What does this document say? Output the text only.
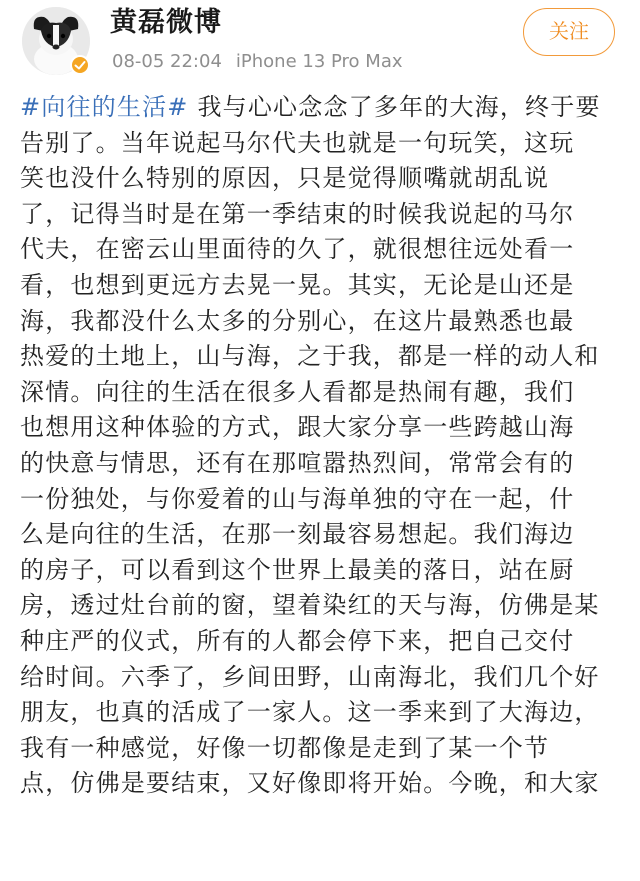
黄磊微博
08-05 22:04 iPhone 13 Pro Max
关注
#向往的生活# 我与心心念念了多年的大海，终于要
告别了。当年说起马尔代夫也就是一句玩笑，这玩
笑也没什么特别的原因，只是觉得顺嘴就胡乱说
了，记得当时是在第一季结束的时候我说起的马尔
代夫，在密云山里面待的久了，就很想往远处看一
看，也想到更远方去晃一晃。其实，无论是山还是
海，我都没什么太多的分别心，在这片最熟悉也最
热爱的土地上，山与海，之于我，都是一样的动人和
深情。向往的生活在很多人看都是热闹有趣，我们
也想用这种体验的方式，跟大家分享一些跨越山海
的快意与情思，还有在那喧嚣热烈间，常常会有的
一份独处，与你爱着的山与海单独的守在一起，什
么是向往的生活，在那一刻最容易想起。我们海边
的房子，可以看到这个世界上最美的落日，站在厨
房，透过灶台前的窗，望着染红的天与海，仿佛是某
种庄严的仪式，所有的人都会停下来，把自己交付
给时间。六季了，乡间田野，山南海北，我们几个好
朋友，也真的活成了一家人。这一季来到了大海边，
我有一种感觉，好像一切都像是走到了某一个节
点，仿佛是要结束，又好像即将开始。今晚，和大家
